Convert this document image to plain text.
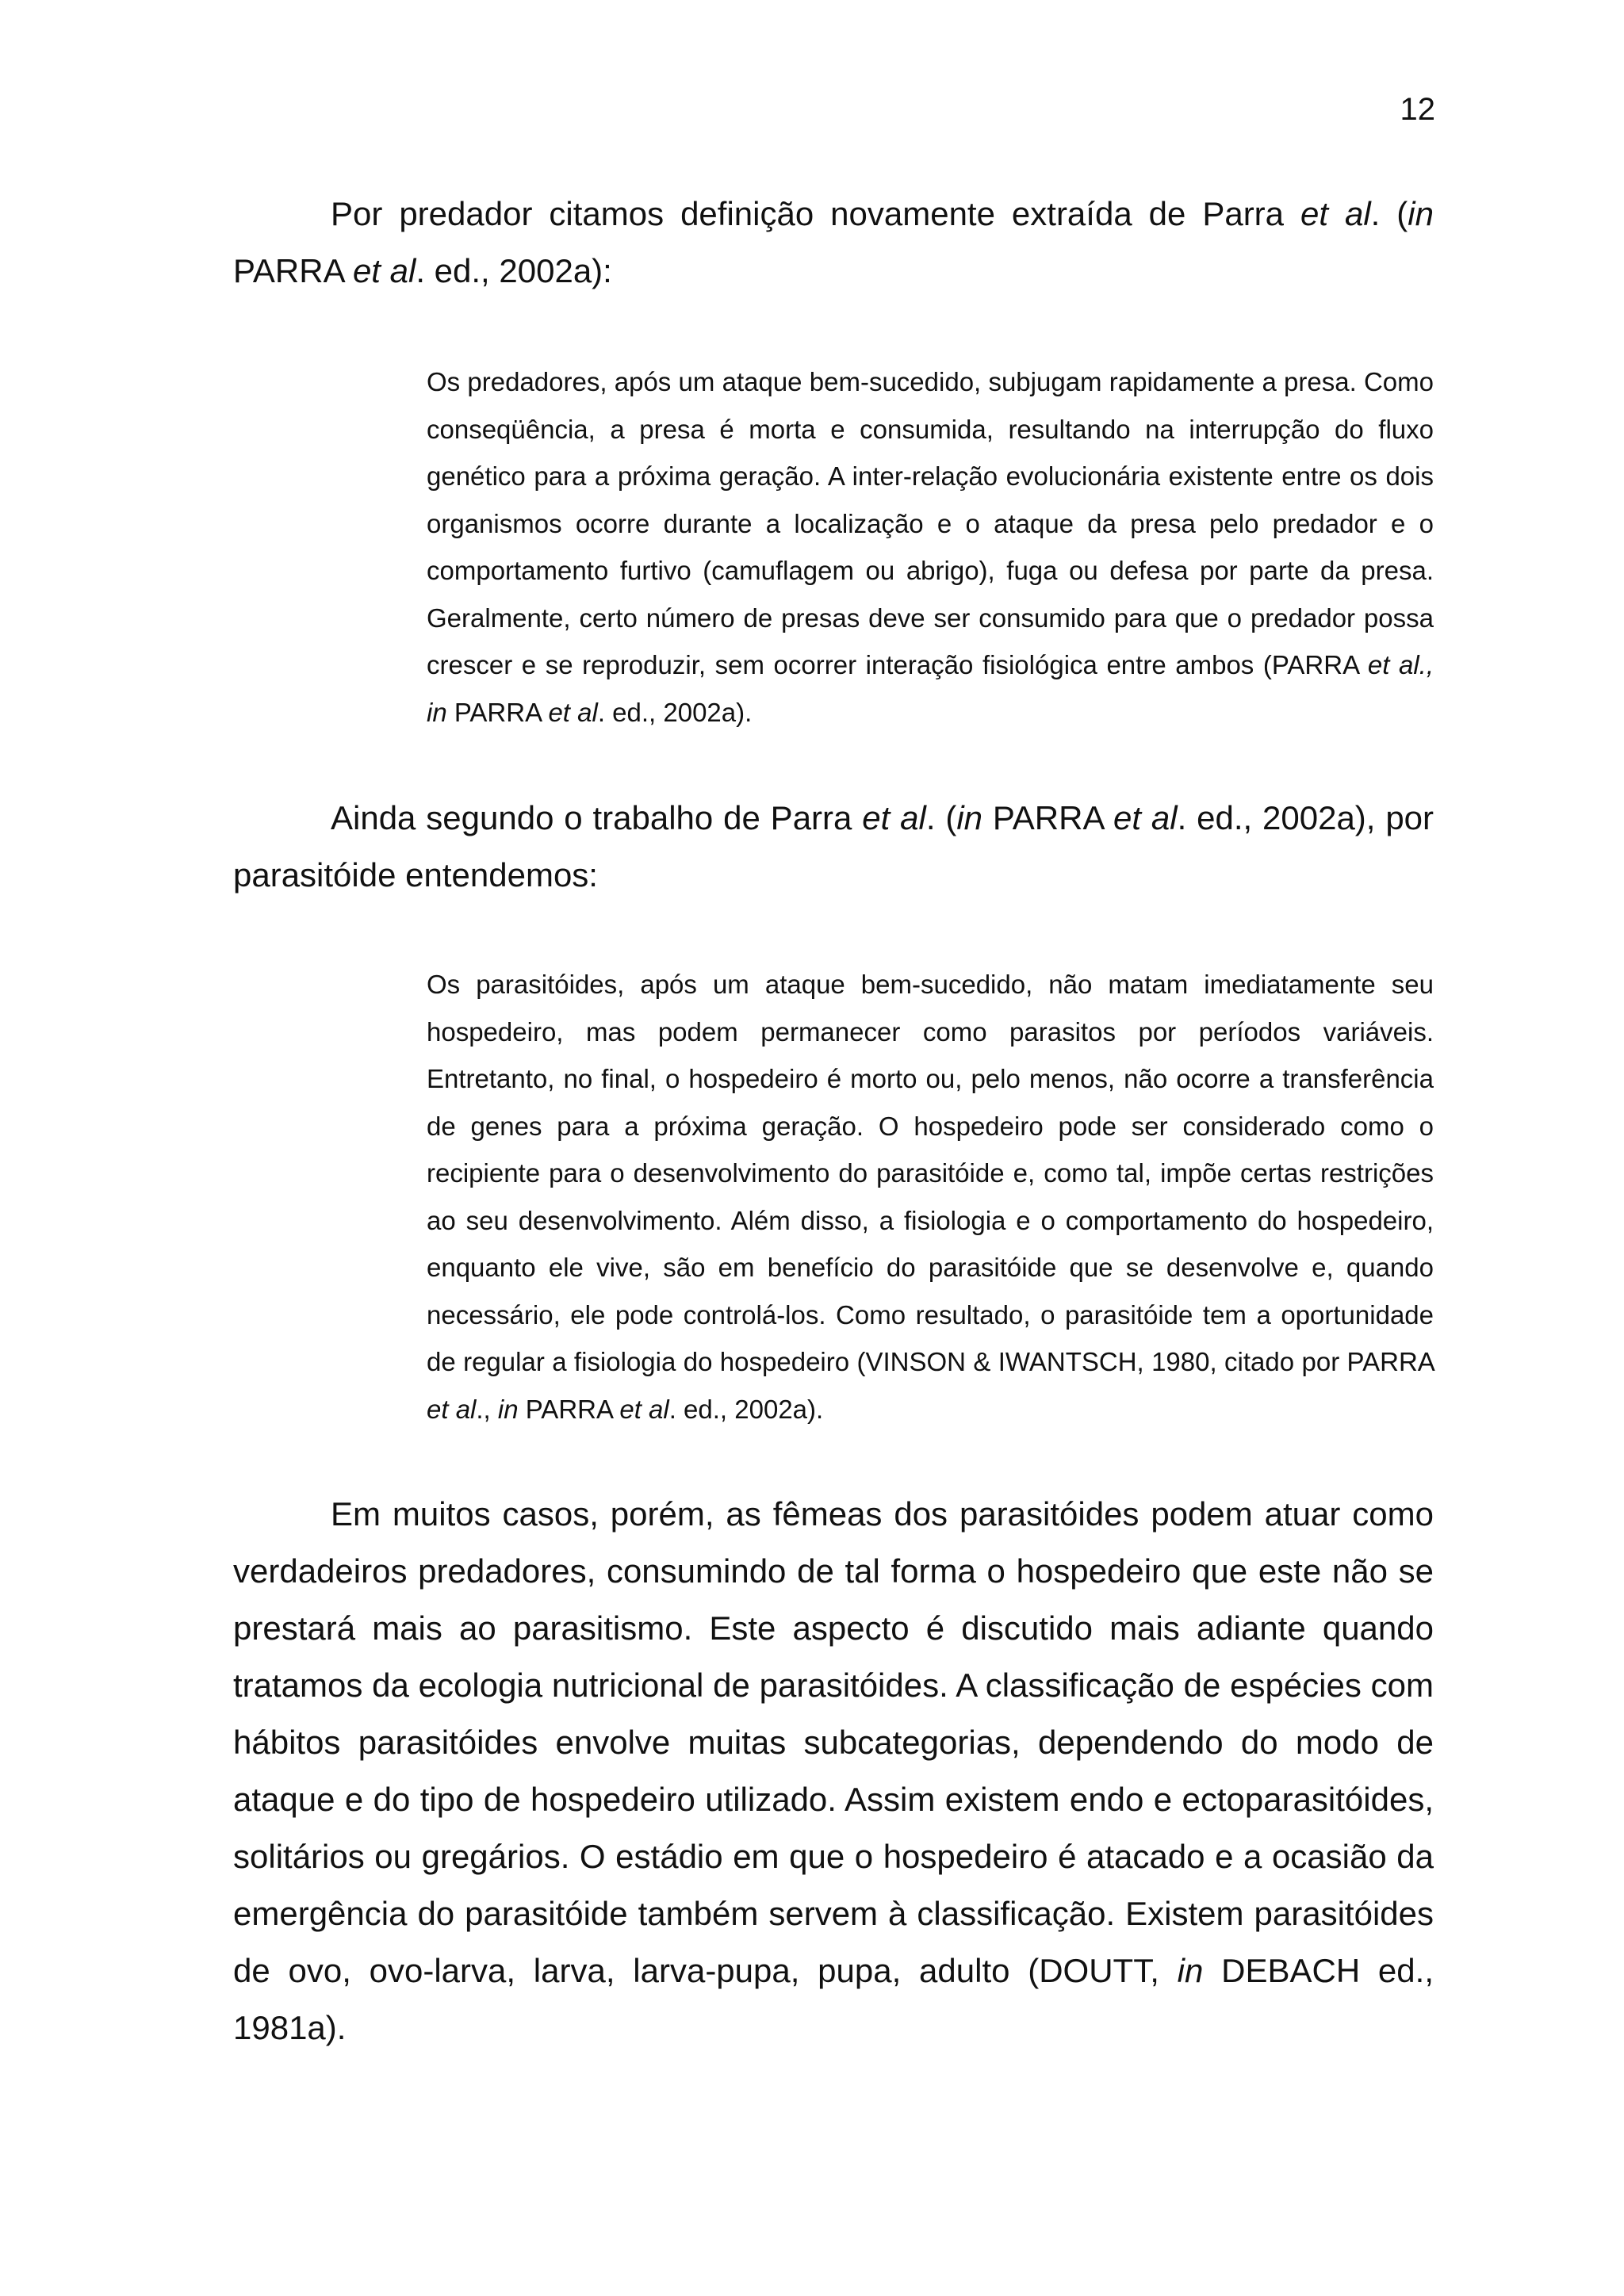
12

Por predador citamos definição novamente extraída de Parra et al. (in PARRA et al. ed., 2002a):

Os predadores, após um ataque bem-sucedido, subjugam rapidamente a presa. Como conseqüência, a presa é morta e consumida, resultando na interrupção do fluxo genético para a próxima geração. A inter-relação evolucionária existente entre os dois organismos ocorre durante a localização e o ataque da presa pelo predador e o comportamento furtivo (camuflagem ou abrigo), fuga ou defesa por parte da presa. Geralmente, certo número de presas deve ser consumido para que o predador possa crescer e se reproduzir, sem ocorrer interação fisiológica entre ambos (PARRA et al., in PARRA et al. ed., 2002a).

Ainda segundo o trabalho de Parra et al. (in PARRA et al. ed., 2002a), por parasitóide entendemos:

Os parasitóides, após um ataque bem-sucedido, não matam imediatamente seu hospedeiro, mas podem permanecer como parasitos por períodos variáveis. Entretanto, no final, o hospedeiro é morto ou, pelo menos, não ocorre a transferência de genes para a próxima geração. O hospedeiro pode ser considerado como o recipiente para o desenvolvimento do parasitóide e, como tal, impõe certas restrições ao seu desenvolvimento. Além disso, a fisiologia e o comportamento do hospedeiro, enquanto ele vive, são em benefício do parasitóide que se desenvolve e, quando necessário, ele pode controlá-los. Como resultado, o parasitóide tem a oportunidade de regular a fisiologia do hospedeiro (VINSON & IWANTSCH, 1980, citado por PARRA et al., in PARRA et al. ed., 2002a).

Em muitos casos, porém, as fêmeas dos parasitóides podem atuar como verdadeiros predadores, consumindo de tal forma o hospedeiro que este não se prestará mais ao parasitismo. Este aspecto é discutido mais adiante quando tratamos da ecologia nutricional de parasitóides. A classificação de espécies com hábitos parasitóides envolve muitas subcategorias, dependendo do modo de ataque e do tipo de hospedeiro utilizado. Assim existem endo e ectoparasitóides, solitários ou gregários. O estádio em que o hospedeiro é atacado e a ocasião da emergência do parasitóide também servem à classificação. Existem parasitóides de ovo, ovo-larva, larva, larva-pupa, pupa, adulto (DOUTT, in DEBACH ed., 1981a).
